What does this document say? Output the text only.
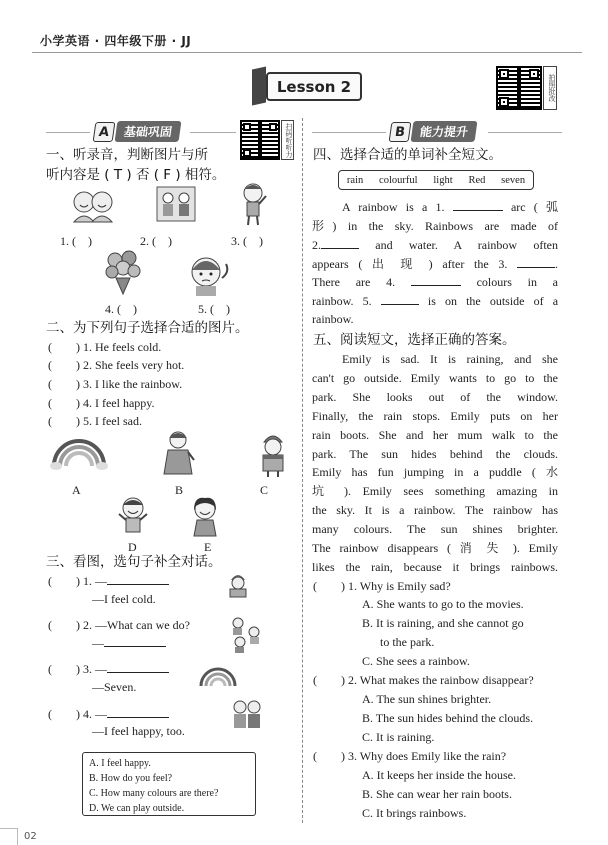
小学英语 · 四年级下册 · JJ
Lesson 2	拍照批改
扫码听听力
A	基础巩固	B	能力提升
一、听录音，判断图片与所
听内容是 ( T ) 否 ( F ) 相符。
1. (　)	2. (　)	3. (　)
4. (　)	5. (　)
二、为下列句子选择合适的图片。
(　　) 1. He feels cold.
(　　) 2. She feels very hot.
(　　) 3. I like the rainbow.
(　　) 4. I feel happy.
(　　) 5. I feel sad.
A	B	C
D	E
三、看图，选句子补全对话。
(　　) 1. —
—I feel cold.
(　　) 2. —What can we do?
—
(　　) 3. —
—Seven.
(　　) 4. —
—I feel happy, too.
A. I feel happy.
B. How do you feel?
C. How many colours are there?
D. We can play outside.
四、选择合适的单词补全短文。
rain colourful light Red seven
A rainbow is a 1.	arc ( 弧
形) in the sky. Rainbows are made of
2.	and water. A rainbow often
appears ( 出 现 ) after the 3.	.
There are 4.	colours in a
rainbow. 5.	is on the outside of a
rainbow.
五、阅读短文，选择正确的答案。
Emily is sad. It is raining, and she
can't go outside. Emily wants to go to the
park. She looks out of the window.
Finally, the rain stops. Emily puts on her
rain boots. She and her mum walk to the
park. The sun hides behind the clouds.
Emily has fun jumping in a puddle ( 水
坑 ). Emily sees something amazing in
the sky. It is a rainbow. The rainbow has
many colours. The sun shines brighter.
The rainbow disappears ( 消 失 ). Emily
likes the rain, because it brings rainbows.
(　　) 1. Why is Emily sad?
A. She wants to go to the movies.
B. It is raining, and she cannot go
to the park.
C. She sees a rainbow.
(　　) 2. What makes the rainbow disappear?
A. The sun shines brighter.
B. The sun hides behind the clouds.
C. It is raining.
(　　) 3. Why does Emily like the rain?
A. It keeps her inside the house.
B. She can wear her rain boots.
C. It brings rainbows.
02
